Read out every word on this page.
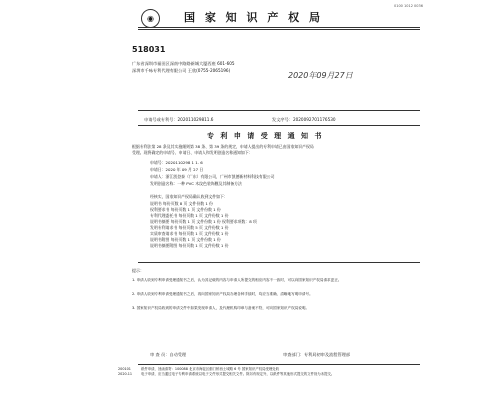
0100 1012 0036
◉	国 家 知 识 产 权 局
518031
广东省深圳市福田区深南中路路新城大厦西座 601-605
深圳市千咏专利代理有限公司 王欣(0755-2065196)
2020年09月27日
申请号或专利号：202011029811.6	发文序号：2020092701176530
专 利 申 请 受 理 通 知 书
根据专利法第 28 条及其实施细则第 38 条、第 39 条的规定，申请人提出的专利申请已由国家知识产权局
受理。现将确定的申请号、申请日、申请人和发明创造名称通知如下：
申请号：2020110298 1 1. 6
申请日：2020 年 09 月 27 日
申请人：浙江凯登泰（广东）有限公司，广州市凯德新材料科技有限公司
发明创造名称：一种 PVC 木纹色装饰膜及其制备方法
经核实，国家知识产权局确认收到文件如下：
说明书 每份页数 8 页 文件份数 1 份
权利要求书 每份页数 1 页 文件份数 1 份
专利代理委托书 每份页数 1 页 文件份数 1 份
说明书摘要 每份页数 1 页 文件份数 1 份 权利要求项数：8 项
发明专利请求书 每份页数 5 页 文件份数 1 份
实质审查请求书 每份页数 1 页 文件份数 1 份
说明书附图 每份页数 1 页 文件份数 1 份
说明书摘要附图 每份页数 1 页 文件份数 1 份
提示：
1. 申请人收到专利申请受理通知书之后，认为其记载的内容与申请人所提交的相应内容不一致时，可以向国家知识产权局请求更正。
2. 申请人收到专利申请受理通知书之后，再向国家知识产权局办理各种手续时，均应当准确、清晰地写明申请号。
3. 国家知识产权局收到的申请文件中如果发现申请人，及代理机构印章与备案不符，可向国家知识产权局说明。
审 查 员：自动受理	审查部门：专利局初审及流程管理部
200101
2020.11
纸件申请，回函请寄：100088 北京市海淀区蓟门桥西土城路 6 号 国家知识产权局受理处收
电子申请，应当通过电子专利申请系统以电子文件形式提交相关文件。除另有规定外，以纸件等其他形式提交的文件视为未提交。
